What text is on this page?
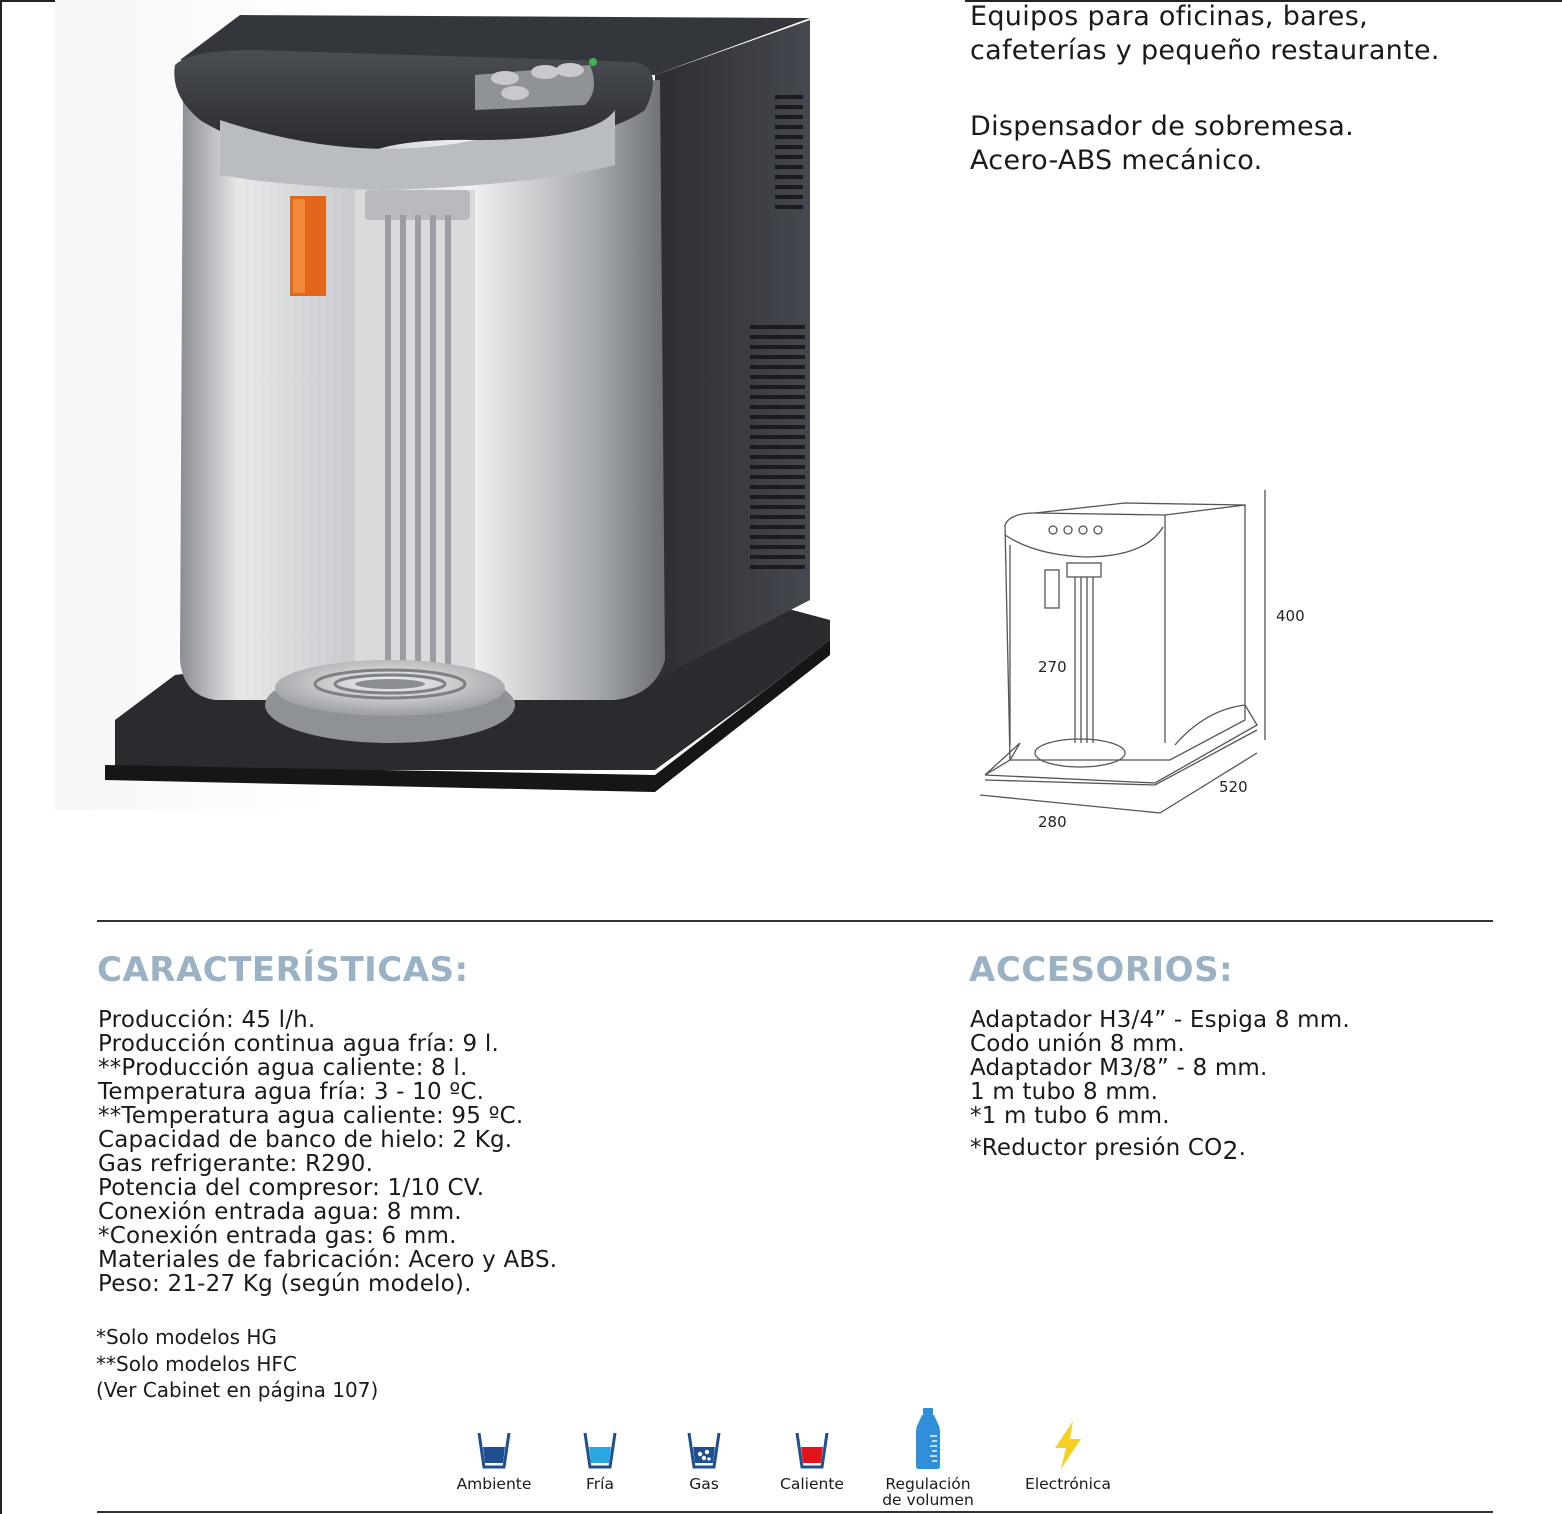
Equipos para oficinas, bares,

cafeterías y pequeño restaurante.

Dispensador de sobremesa.

Acero-ABS mecánico.

400
270
520
280
CARACTERÍSTICAS:
Producción: 45 l/h.
Producción continua agua fría: 9 l.
**Producción agua caliente: 8 l.
Temperatura agua fría: 3 - 10 ºC.
**Temperatura agua caliente: 95 ºC.
Capacidad de banco de hielo: 2 Kg.
Gas refrigerante: R290.
Potencia del compresor: 1/10 CV.
Conexión entrada agua: 8 mm.
*Conexión entrada gas: 6 mm.
Materiales de fabricación: Acero y ABS.
Peso: 21-27 Kg (según modelo).
*Solo modelos HG
**Solo modelos HFC
(Ver Cabinet en página 107)
ACCESORIOS:
Adaptador H3/4” - Espiga 8 mm.
Codo unión 8 mm.
Adaptador M3/8” - 8 mm.
1 m tubo 8 mm.
*1 m tubo 6 mm.
*Reductor presión $CO_2$.
Ambiente	Fría	Gas	Caliente	Regulación
de volumen
Electrónica
